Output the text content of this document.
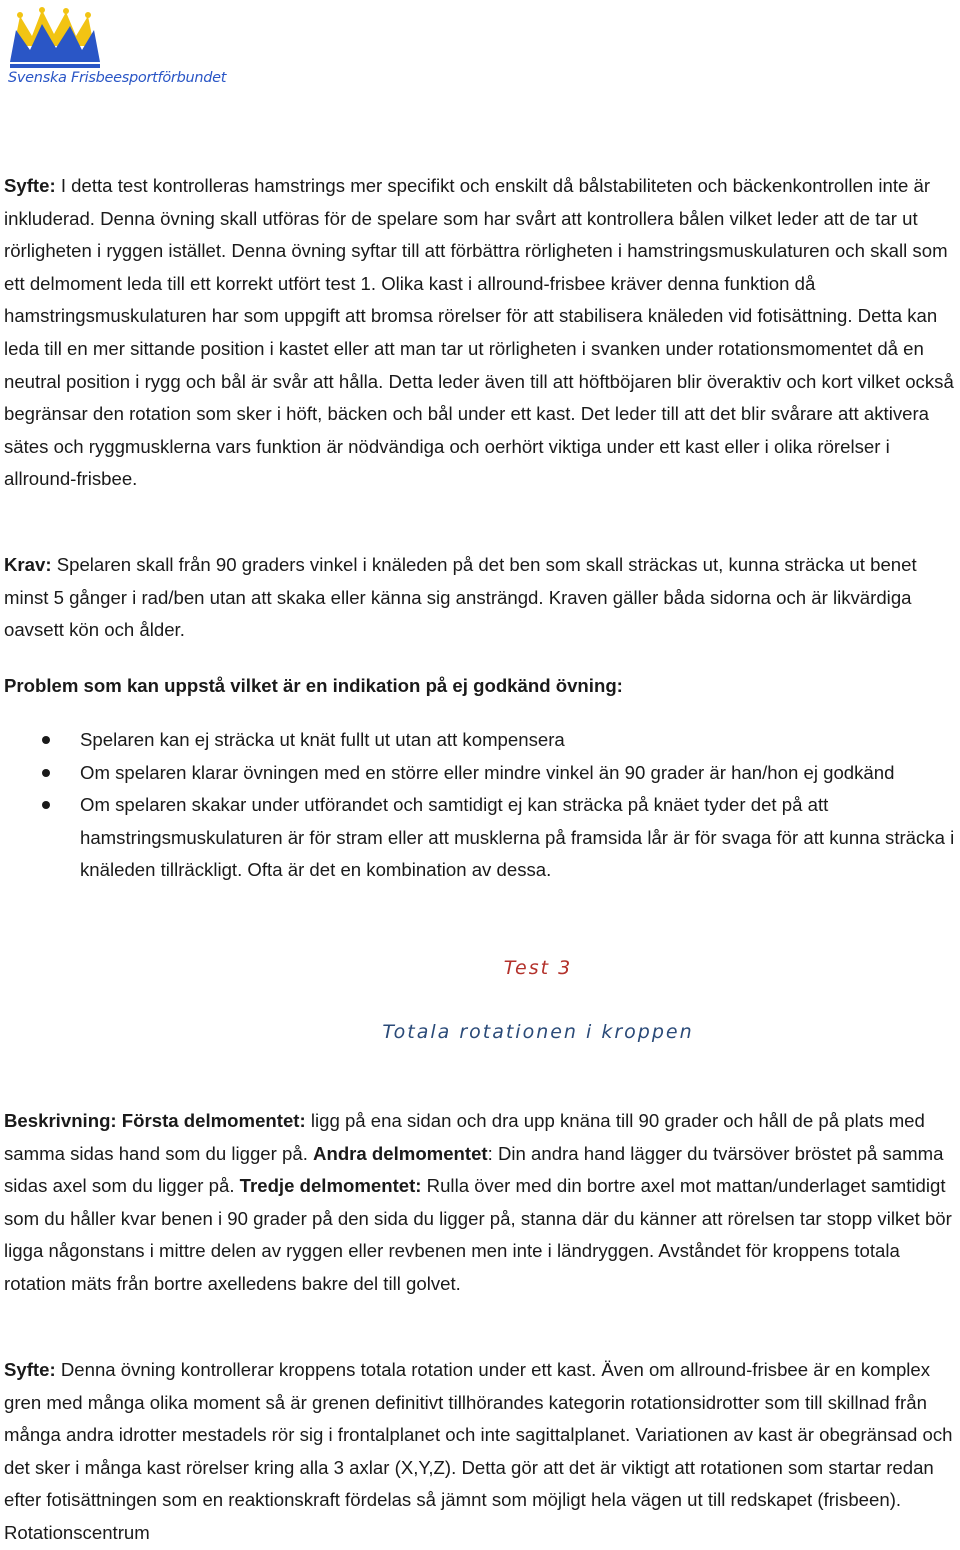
Svenska Frisbeesportförbundet

Syfte: I detta test kontrolleras hamstrings mer specifikt och enskilt då bålstabiliteten och bäckenkontrollen inte är inkluderad. Denna övning skall utföras för de spelare som har svårt att kontrollera bålen vilket leder att de tar ut rörligheten i ryggen istället. Denna övning syftar till att förbättra rörligheten i hamstringsmuskulaturen och skall som ett delmoment leda till ett korrekt utfört test 1. Olika kast i allround-frisbee kräver denna funktion då hamstringsmuskulaturen har som uppgift att bromsa rörelser för att stabilisera knäleden vid fotisättning. Detta kan leda till en mer sittande position i kastet eller att man tar ut rörligheten i svanken under rotationsmomentet då en neutral position i rygg och bål är svår att hålla. Detta leder även till att höftböjaren blir överaktiv och kort vilket också begränsar den rotation som sker i höft, bäcken och bål under ett kast. Det leder till att det blir svårare att aktivera sätes och ryggmusklerna vars funktion är nödvändiga och oerhört viktiga under ett kast eller i olika rörelser i allround-frisbee.

Krav: Spelaren skall från 90 graders vinkel i knäleden på det ben som skall sträckas ut, kunna sträcka ut benet minst 5 gånger i rad/ben utan att skaka eller känna sig ansträngd. Kraven gäller båda sidorna och är likvärdiga oavsett kön och ålder.

Problem som kan uppstå vilket är en indikation på ej godkänd övning:

Spelaren kan ej sträcka ut knät fullt ut utan att kompensera
Om spelaren klarar övningen med en större eller mindre vinkel än 90 grader är han/hon ej godkänd
Om spelaren skakar under utförandet och samtidigt ej kan sträcka på knäet tyder det på att hamstringsmuskulaturen är för stram eller att musklerna på framsida lår är för svaga för att kunna sträcka i knäleden tillräckligt. Ofta är det en kombination av dessa.
Test 3
Totala rotationen i kroppen

Beskrivning: Första delmomentet: ligg på ena sidan och dra upp knäna till 90 grader och håll de på plats med samma sidas hand som du ligger på. Andra delmomentet: Din andra hand lägger du tvärsöver bröstet på samma sidas axel som du ligger på. Tredje delmomentet: Rulla över med din bortre axel mot mattan/underlaget samtidigt som du håller kvar benen i 90 grader på den sida du ligger på, stanna där du känner att rörelsen tar stopp vilket bör ligga någonstans i mittre delen av ryggen eller revbenen men inte i ländryggen. Avståndet för kroppens totala rotation mäts från bortre axelledens bakre del till golvet.

Syfte: Denna övning kontrollerar kroppens totala rotation under ett kast. Även om allround-frisbee är en komplex gren med många olika moment så är grenen definitivt tillhörandes kategorin rotationsidrotter som till skillnad från många andra idrotter mestadels rör sig i frontalplanet och inte sagittalplanet. Variationen av kast är obegränsad och det sker i många kast rörelser kring alla 3 axlar (X,Y,Z). Detta gör att det är viktigt att rotationen som startar redan efter fotisättningen som en reaktionskraft fördelas så jämnt som möjligt hela vägen ut till redskapet (frisbeen). Rotationscentrum
